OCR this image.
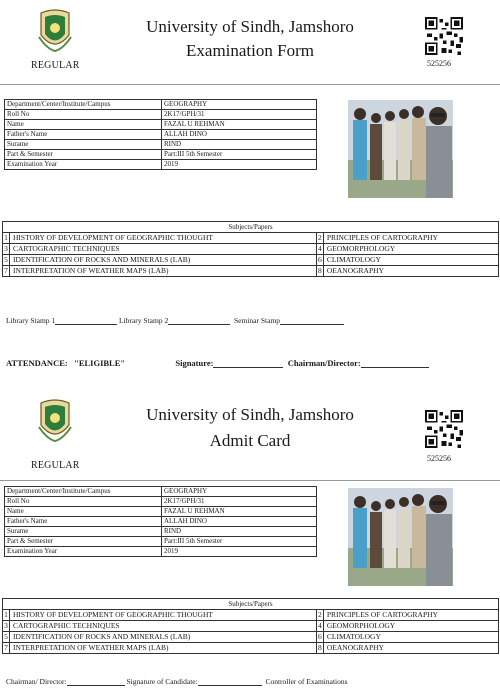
REGULAR
University of Sindh, Jamshoro
Examination Form
525256
Department/Center/Institute/Campus	GEOGRAPHY
Roll No	2K17/GPH/31
Name	FAZAL U REHMAN
Father's Name	ALLAH DINO
Surame	RIND
Part & Semester	Part:III 5th Semester
Examination Year	2019
Subjects/Papers			
1	HISTORY OF DEVELOPMENT OF GEOGRAPHIC THOUGHT	2	PRINCIPLES OF CARTOGRAPHY
3	CARTOGRAPHIC TECHNIQUES	4	GEOMORPHOLOGY
5	IDENTIFICATION OF ROCKS AND MINERALS (LAB)	6	CLIMATOLOGY
7	INTERPRETATION OF WEATHER MAPS (LAB)	8	OEANOGRAPHY
Library Stamp 1	Library Stamp 2	Seminar Stamp
ATTENDANCE: "ELIGIBLE"	Signature:	Chairman/Director:
REGULAR
University of Sindh, Jamshoro
Admit Card
525256
Department/Center/Institute/Campus	GEOGRAPHY
Roll No	2K17/GPH/31
Name	FAZAL U REHMAN
Father's Name	ALLAH DINO
Surame	RIND
Part & Semester	Part:III 5th Semester
Examination Year	2019
Subjects/Papers			
1	HISTORY OF DEVELOPMENT OF GEOGRAPHIC THOUGHT	2	PRINCIPLES OF CARTOGRAPHY
3	CARTOGRAPHIC TECHNIQUES	4	GEOMORPHOLOGY
5	IDENTIFICATION OF ROCKS AND MINERALS (LAB)	6	CLIMATOLOGY
7	INTERPRETATION OF WEATHER MAPS (LAB)	8	OEANOGRAPHY
Chairman/ Director:	Signature of Candidate:	Controller of Examinations
